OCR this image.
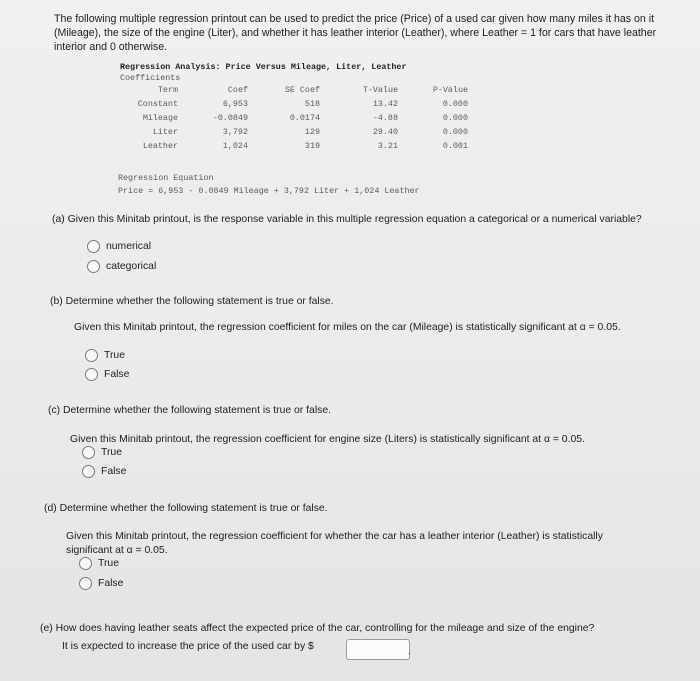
The following multiple regression printout can be used to predict the price (Price) of a used car given how many miles it has on it (Mileage), the size of the engine (Liter), and whether it has leather interior (Leather), where Leather = 1 for cars that have leather interior and 0 otherwise.
Regression Analysis: Price Versus Mileage, Liter, Leather
Coefficients
Term	Coef	SE Coef	T-Value	P-Value
Constant	6,953	518	13.42	0.000
Mileage	-0.0849	0.0174	-4.88	0.000
Liter	3,792	129	29.40	0.000
Leather	1,024	319	3.21	0.001
Regression Equation
Price = 6,953 - 0.0849 Mileage + 3,792 Liter + 1,024 Leather
(a) Given this Minitab printout, is the response variable in this multiple regression equation a categorical or a numerical variable?
numerical
categorical
(b) Determine whether the following statement is true or false.
Given this Minitab printout, the regression coefficient for miles on the car (Mileage) is statistically significant at α = 0.05.
True
False
(c) Determine whether the following statement is true or false.
Given this Minitab printout, the regression coefficient for engine size (Liters) is statistically significant at α = 0.05.
True
False
(d) Determine whether the following statement is true or false.
Given this Minitab printout, the regression coefficient for whether the car has a leather interior (Leather) is statistically significant at α = 0.05.
True
False
(e) How does having leather seats affect the expected price of the car, controlling for the mileage and size of the engine?
It is expected to increase the price of the used car by $	.
